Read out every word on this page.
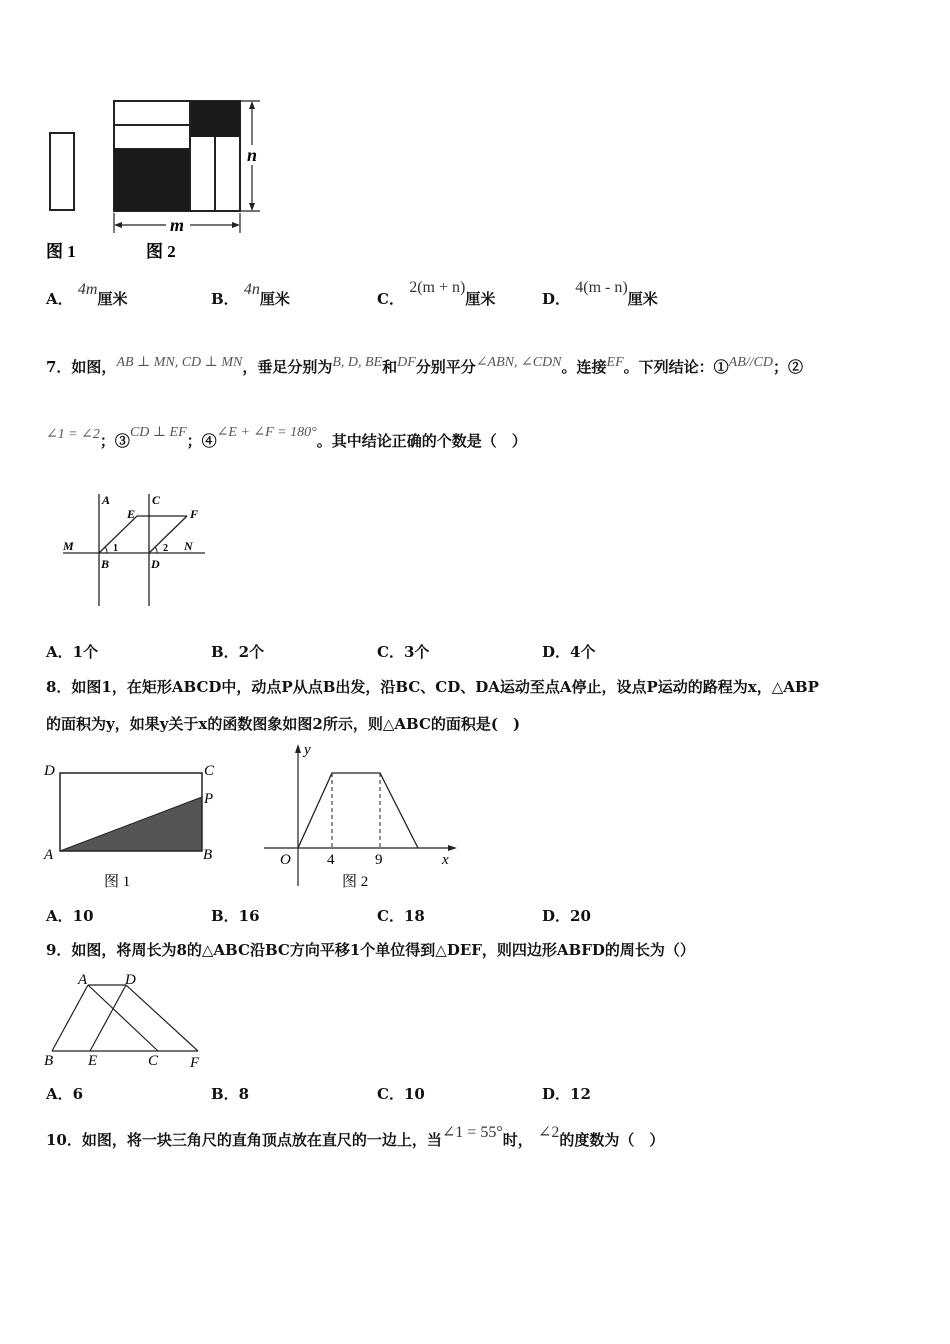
n
m
图 1	图 2
A． 4m厘米	B． 4n厘米	C． 2(m + n)厘米	D． 4(m - n)厘米
7．如图，AB ⊥ MN, CD ⊥ MN，垂足分别为B, D, BE和DF分别平分∠ABN, ∠CDN。连接EF。下列结论：①AB//CD；②
∠1 = ∠2；③CD ⊥ EF；④∠E + ∠F = 180°。其中结论正确的个数是（　）
A	C
E	F
M	N
B	D
1	2
A．1个	B．2个	C．3个	D．4个
8．如图1，在矩形ABCD中，动点P从点B出发，沿BC、CD、DA运动至点A停止，设点P运动的路程为x，△ABP
的面积为y，如果y关于x的函数图象如图2所示，则△ABC的面积是(　)
D	C
P
A	B
图 1
y
x
O 4	9
图 2
A．10	B．16	C．18	D．20
9．如图，将周长为8的△ABC沿BC方向平移1个单位得到△DEF，则四边形ABFD的周长为（）
A	D
B E	C F
A．6	B．8	C．10	D．12
10．如图，将一块三角尺的直角顶点放在直尺的一边上，当∠1 = 55°时， ∠2的度数为（　）
